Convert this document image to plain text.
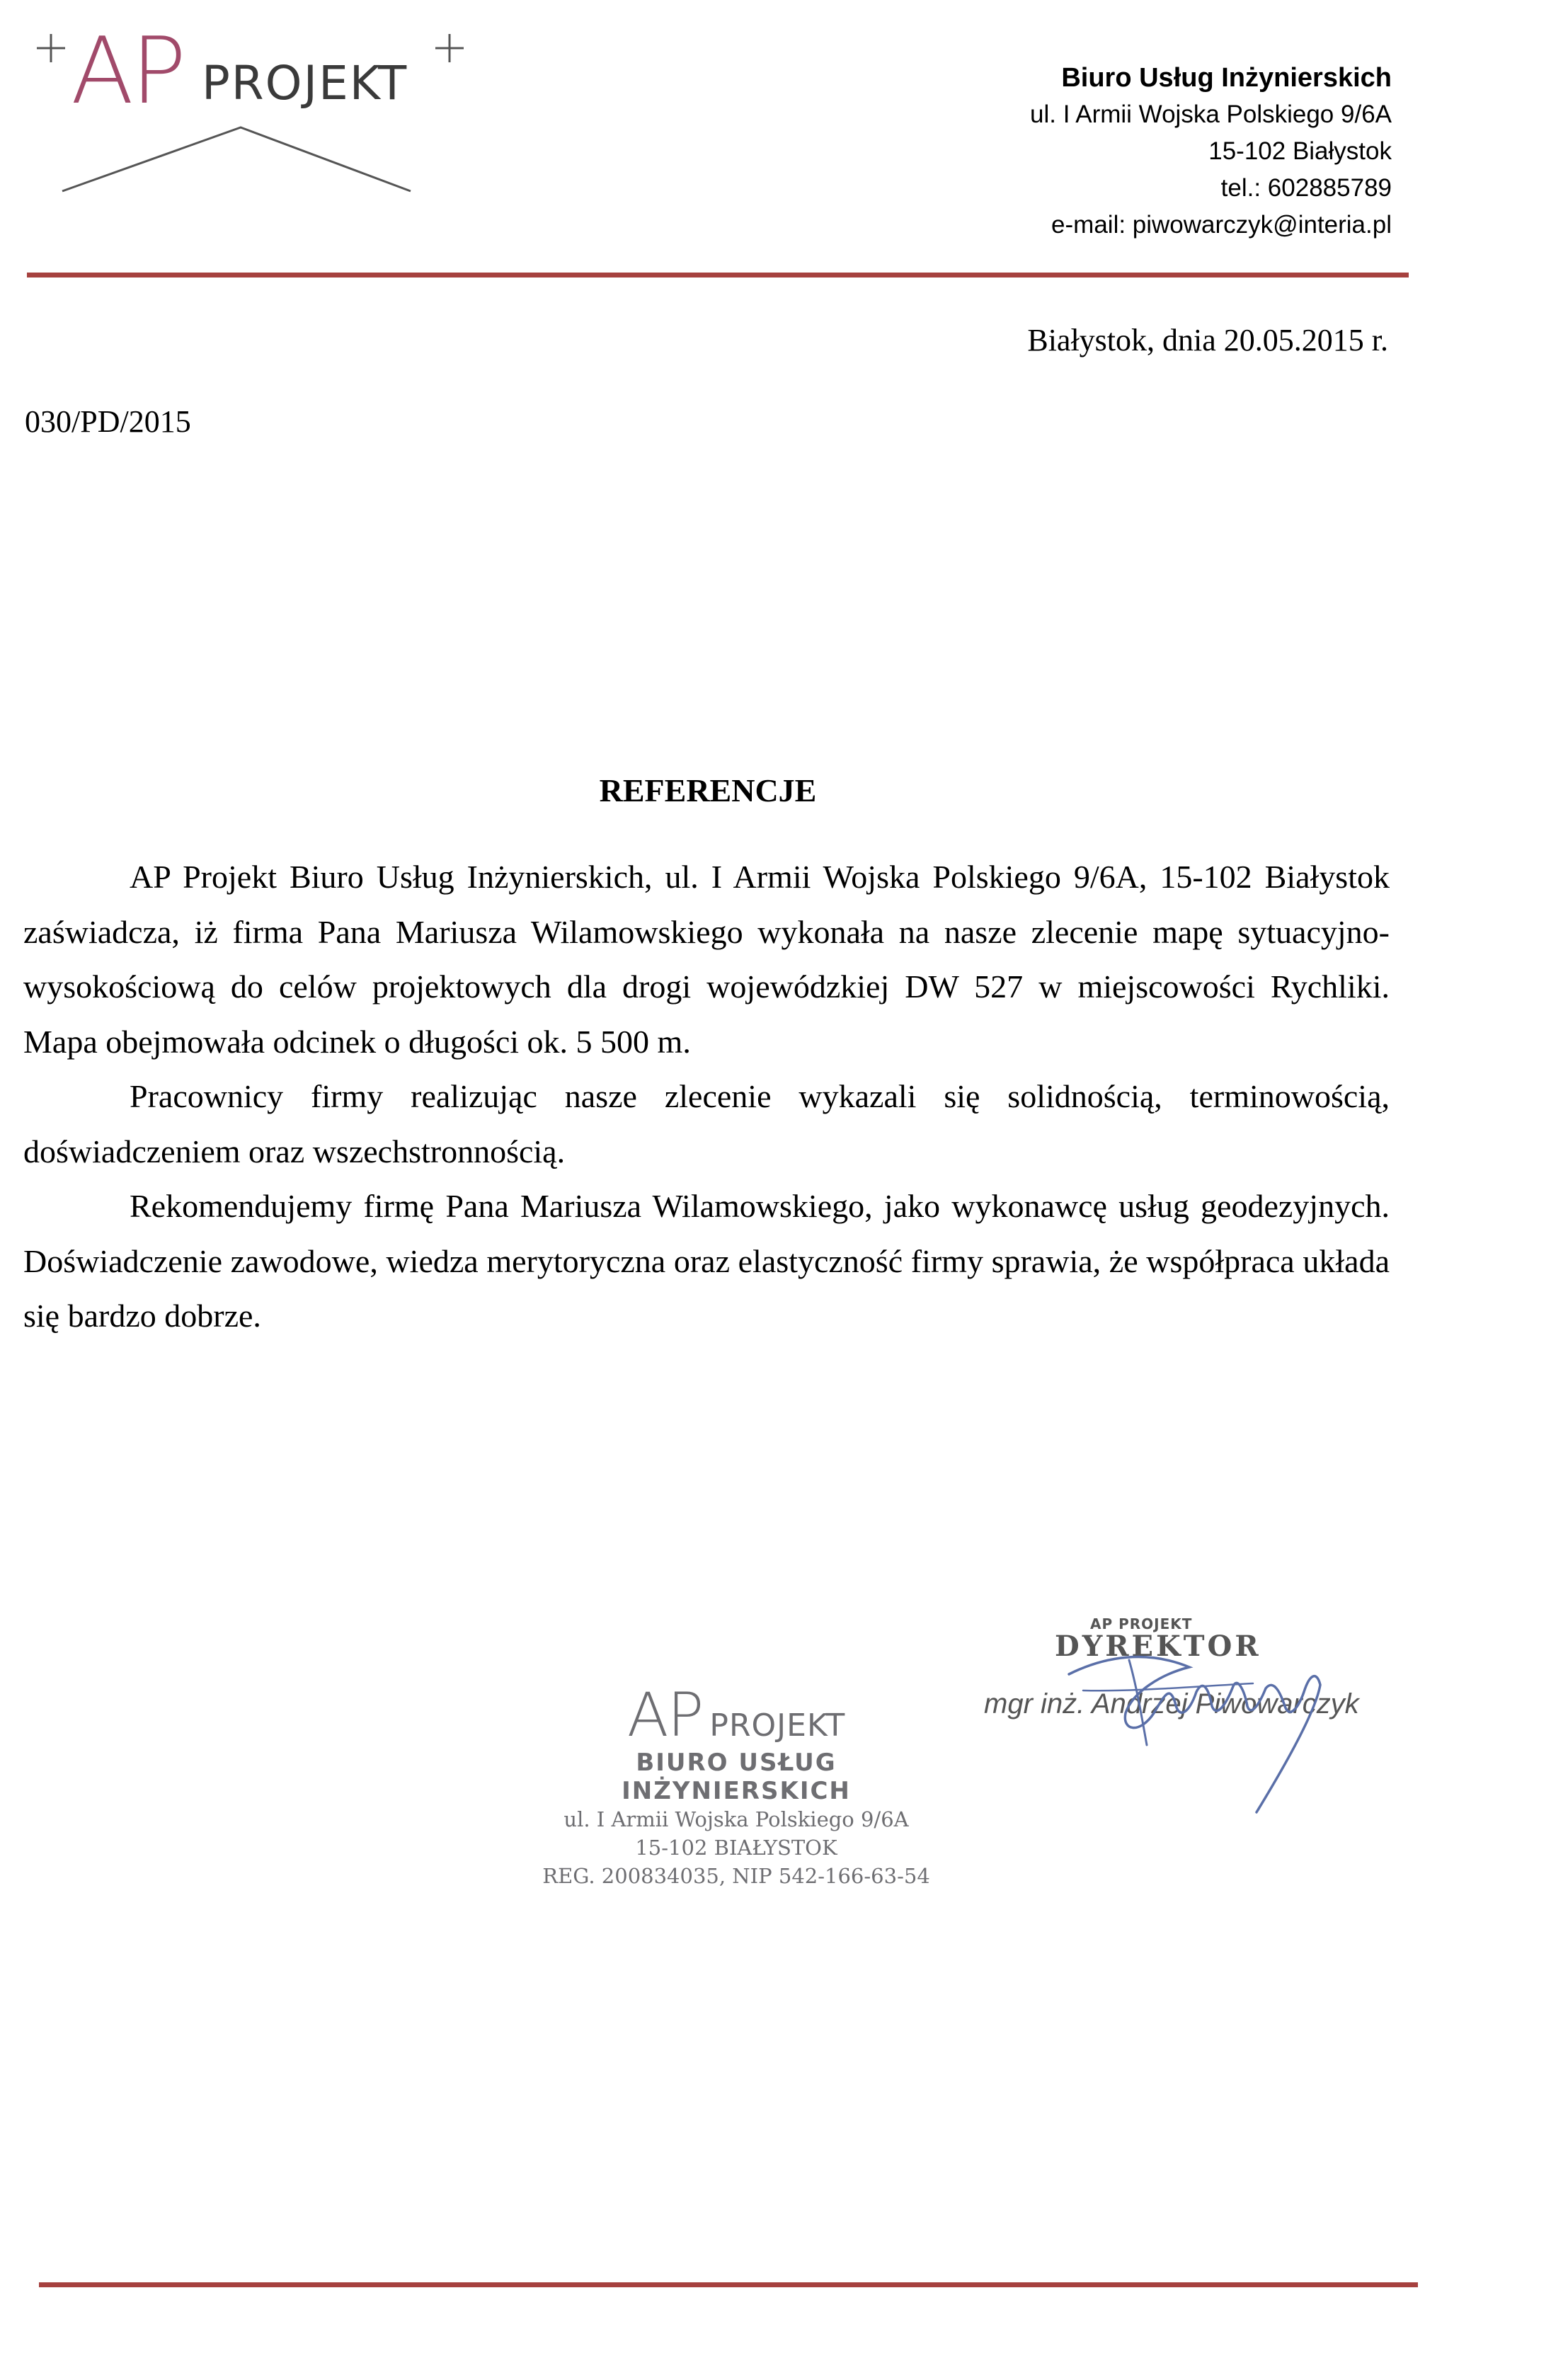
AP PROJEKT	Biuro Usług Inżynierskich
ul. I Armii Wojska Polskiego 9/6A
15-102 Białystok
tel.: 602885789
e-mail: piwowarczyk@interia.pl
Białystok, dnia 20.05.2015 r.
030/PD/2015
REFERENCJE

AP Projekt Biuro Usług Inżynierskich, ul. I Armii Wojska Polskiego 9/6A, 15-102 Białystok zaświadcza, iż firma Pana Mariusza Wilamowskiego wykonała na nasze zlecenie mapę sytuacyjno-wysokościową do celów projektowych dla drogi wojewódzkiej DW 527 w miejscowości Rychliki. Mapa obejmowała odcinek o długości ok. 5 500 m.

Pracownicy firmy realizując nasze zlecenie wykazali się solidnością, terminowością, doświadczeniem oraz wszechstronnością.

Rekomendujemy firmę Pana Mariusza Wilamowskiego, jako wykonawcę usług geodezyjnych. Doświadczenie zawodowe, wiedza merytoryczna oraz elastyczność firmy sprawia, że współpraca układa się bardzo dobrze.

AP PROJEKT
BIURO USŁUG INŻYNIERSKICH
ul. I Armii Wojska Polskiego 9/6A
15-102 BIAŁYSTOK
REG. 200834035, NIP 542-166-63-54
AP PROJEKT
DYREKTOR
mgr inż. Andrzej Piwowarczyk
